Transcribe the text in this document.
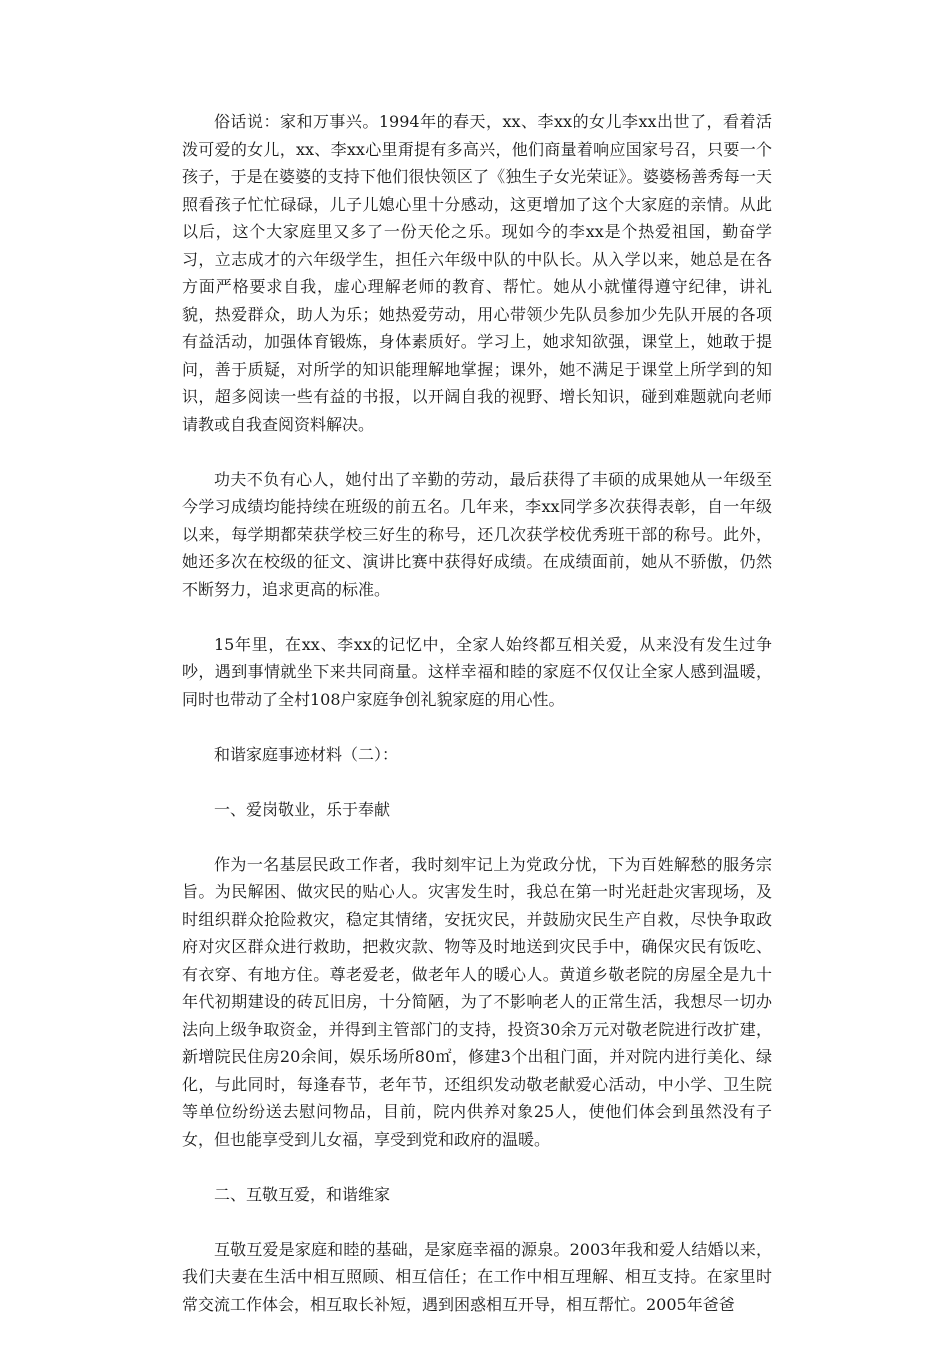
俗话说：家和万事兴。1994年的春天，xx、李xx的女儿李xx出世了，看着活泼可爱的女儿，xx、李xx心里甭提有多高兴，他们商量着响应国家号召，只要一个孩子，于是在婆婆的支持下他们很快领区了《独生子女光荣证》。婆婆杨善秀每一天照看孩子忙忙碌碌，儿子儿媳心里十分感动，这更增加了这个大家庭的亲情。从此以后，这个大家庭里又多了一份天伦之乐。现如今的李xx是个热爱祖国，勤奋学习，立志成才的六年级学生，担任六年级中队的中队长。从入学以来，她总是在各方面严格要求自我，虚心理解老师的教育、帮忙。她从小就懂得遵守纪律，讲礼貌，热爱群众，助人为乐；她热爱劳动，用心带领少先队员参加少先队开展的各项有益活动，加强体育锻炼，身体素质好。学习上，她求知欲强，课堂上，她敢于提问，善于质疑，对所学的知识能理解地掌握；课外，她不满足于课堂上所学到的知识，超多阅读一些有益的书报，以开阔自我的视野、增长知识，碰到难题就向老师请教或自我查阅资料解决。

功夫不负有心人，她付出了辛勤的劳动，最后获得了丰硕的成果她从一年级至今学习成绩均能持续在班级的前五名。几年来，李xx同学多次获得表彰，自一年级以来，每学期都荣获学校三好生的称号，还几次获学校优秀班干部的称号。此外，她还多次在校级的征文、演讲比赛中获得好成绩。在成绩面前，她从不骄傲，仍然不断努力，追求更高的标准。

15年里，在xx、李xx的记忆中，全家人始终都互相关爱，从来没有发生过争吵，遇到事情就坐下来共同商量。这样幸福和睦的家庭不仅仅让全家人感到温暖，同时也带动了全村108户家庭争创礼貌家庭的用心性。

和谐家庭事迹材料（二）：

一、爱岗敬业，乐于奉献

作为一名基层民政工作者，我时刻牢记上为党政分忧，下为百姓解愁的服务宗旨。为民解困、做灾民的贴心人。灾害发生时，我总在第一时光赶赴灾害现场，及时组织群众抢险救灾，稳定其情绪，安抚灾民，并鼓励灾民生产自救，尽快争取政府对灾区群众进行救助，把救灾款、物等及时地送到灾民手中，确保灾民有饭吃、有衣穿、有地方住。尊老爱老，做老年人的暖心人。黄道乡敬老院的房屋全是九十年代初期建设的砖瓦旧房，十分简陋，为了不影响老人的正常生活，我想尽一切办法向上级争取资金，并得到主管部门的支持，投资30余万元对敬老院进行改扩建，新增院民住房20余间，娱乐场所80㎡，修建3个出租门面，并对院内进行美化、绿化，与此同时，每逢春节，老年节，还组织发动敬老献爱心活动，中小学、卫生院等单位纷纷送去慰问物品，目前，院内供养对象25人，使他们体会到虽然没有子女，但也能享受到儿女福，享受到党和政府的温暖。

二、互敬互爱，和谐维家

互敬互爱是家庭和睦的基础，是家庭幸福的源泉。2003年我和爱人结婚以来，我们夫妻在生活中相互照顾、相互信任；在工作中相互理解、相互支持。在家里时常交流工作体会，相互取长补短，遇到困惑相互开导，相互帮忙。2005年爸爸
